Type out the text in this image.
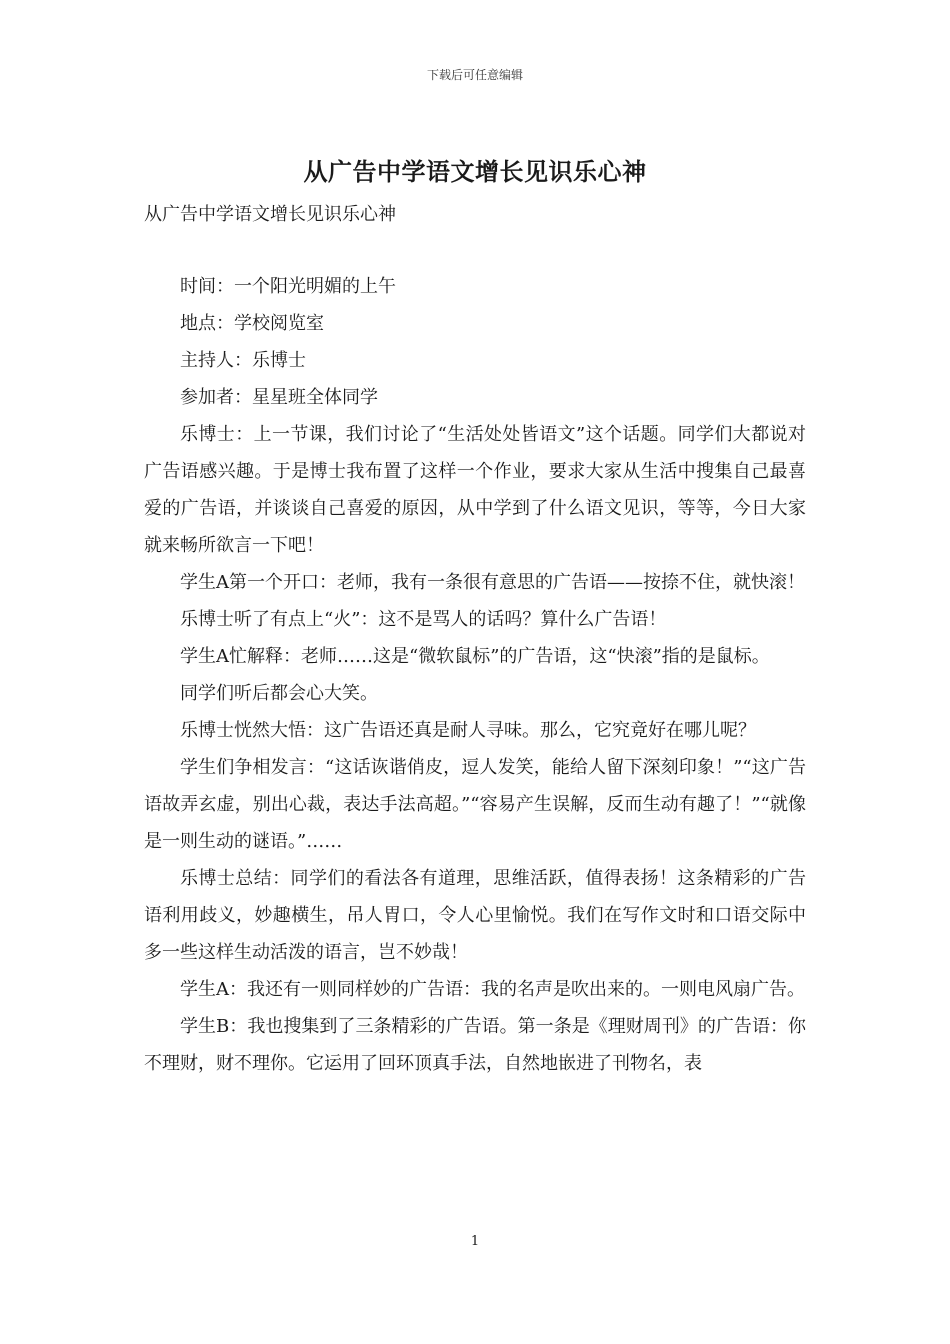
下载后可任意编辑
从广告中学语文增长见识乐心神
从广告中学语文增长见识乐心神

时间：一个阳光明媚的上午

地点：学校阅览室

主持人：乐博士

参加者：星星班全体同学

乐博士：上一节课，我们讨论了“生活处处皆语文”这个话题。同学们大都说对广告语感兴趣。于是博士我布置了这样一个作业，要求大家从生活中搜集自己最喜爱的广告语，并谈谈自己喜爱的原因，从中学到了什么语文见识，等等，今日大家就来畅所欲言一下吧！

学生A第一个开口：老师，我有一条很有意思的广告语——按捺不住，就快滚！

乐博士听了有点上“火”：这不是骂人的话吗？算什么广告语！

学生A忙解释：老师……这是“微软鼠标”的广告语，这“快滚”指的是鼠标。

同学们听后都会心大笑。

乐博士恍然大悟：这广告语还真是耐人寻味。那么，它究竟好在哪儿呢？

学生们争相发言：“这话诙谐俏皮，逗人发笑，能给人留下深刻印象！”“这广告语故弄玄虚，别出心裁，表达手法高超。”“容易产生误解，反而生动有趣了！”“就像是一则生动的谜语。”……

乐博士总结：同学们的看法各有道理，思维活跃，值得表扬！这条精彩的广告语利用歧义，妙趣横生，吊人胃口，令人心里愉悦。我们在写作文时和口语交际中多一些这样生动活泼的语言，岂不妙哉！

学生A：我还有一则同样妙的广告语：我的名声是吹出来的。一则电风扇广告。

学生B：我也搜集到了三条精彩的广告语。第一条是《理财周刊》的广告语：你不理财，财不理你。它运用了回环顶真手法，自然地嵌进了刊物名，表

1
